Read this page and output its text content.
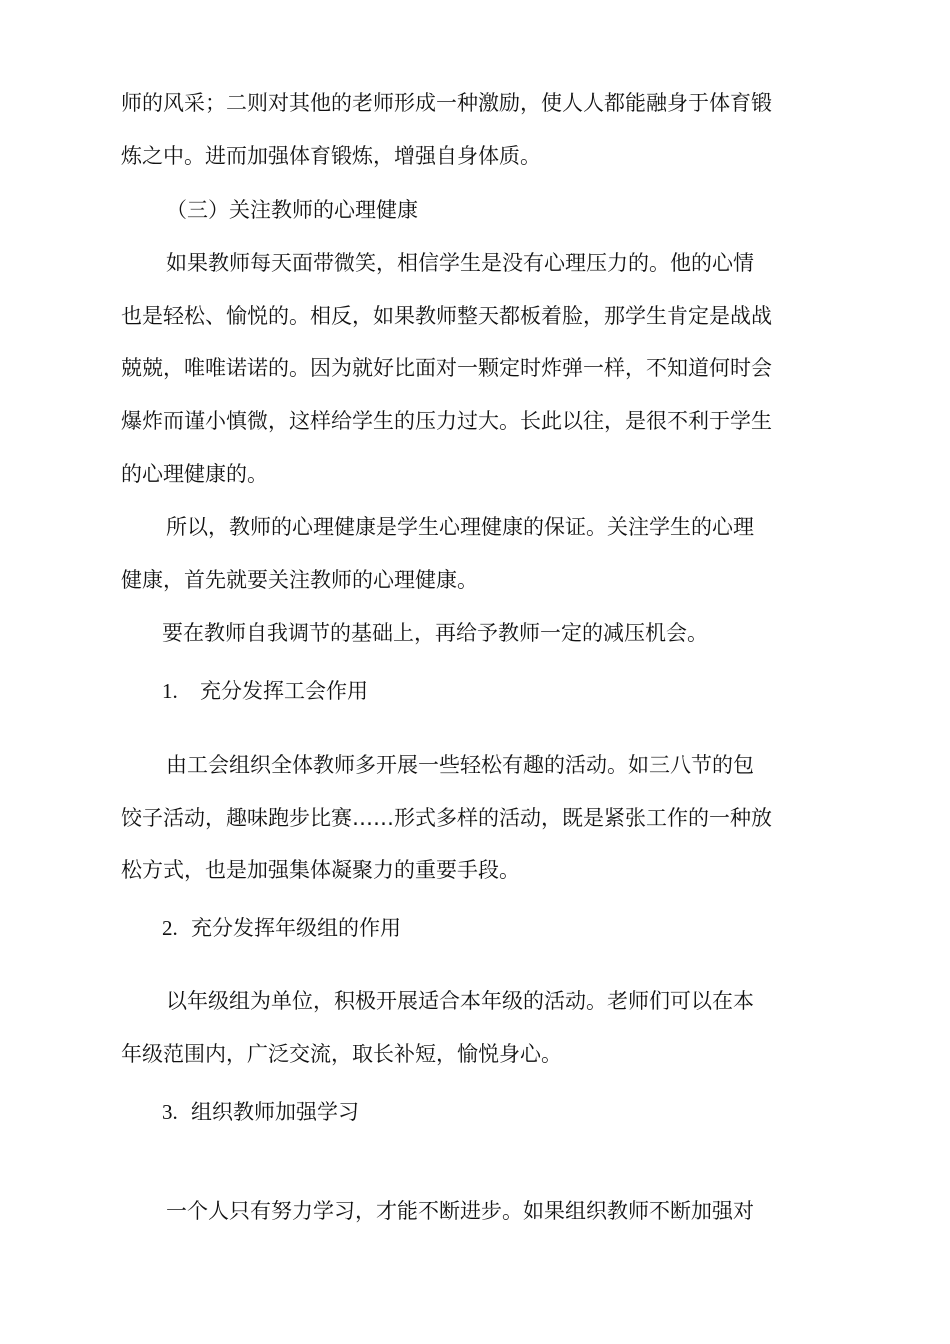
师的风采；二则对其他的老师形成一种激励，使人人都能融身于体育锻
炼之中。进而加强体育锻炼，增强自身体质。
（三）关注教师的心理健康
如果教师每天面带微笑，相信学生是没有心理压力的。他的心情
也是轻松、愉悦的。相反，如果教师整天都板着脸，那学生肯定是战战
兢兢，唯唯诺诺的。因为就好比面对一颗定时炸弹一样，不知道何时会
爆炸而谨小慎微，这样给学生的压力过大。长此以往，是很不利于学生
的心理健康的。
所以，教师的心理健康是学生心理健康的保证。关注学生的心理
健康，首先就要关注教师的心理健康。
要在教师自我调节的基础上，再给予教师一定的减压机会。
1. 充分发挥工会作用
由工会组织全体教师多开展一些轻松有趣的活动。如三八节的包
饺子活动，趣味跑步比赛……形式多样的活动，既是紧张工作的一种放
松方式，也是加强集体凝聚力的重要手段。
2. 充分发挥年级组的作用
以年级组为单位，积极开展适合本年级的活动。老师们可以在本
年级范围内，广泛交流，取长补短，愉悦身心。
3. 组织教师加强学习
一个人只有努力学习，才能不断进步。如果组织教师不断加强对
